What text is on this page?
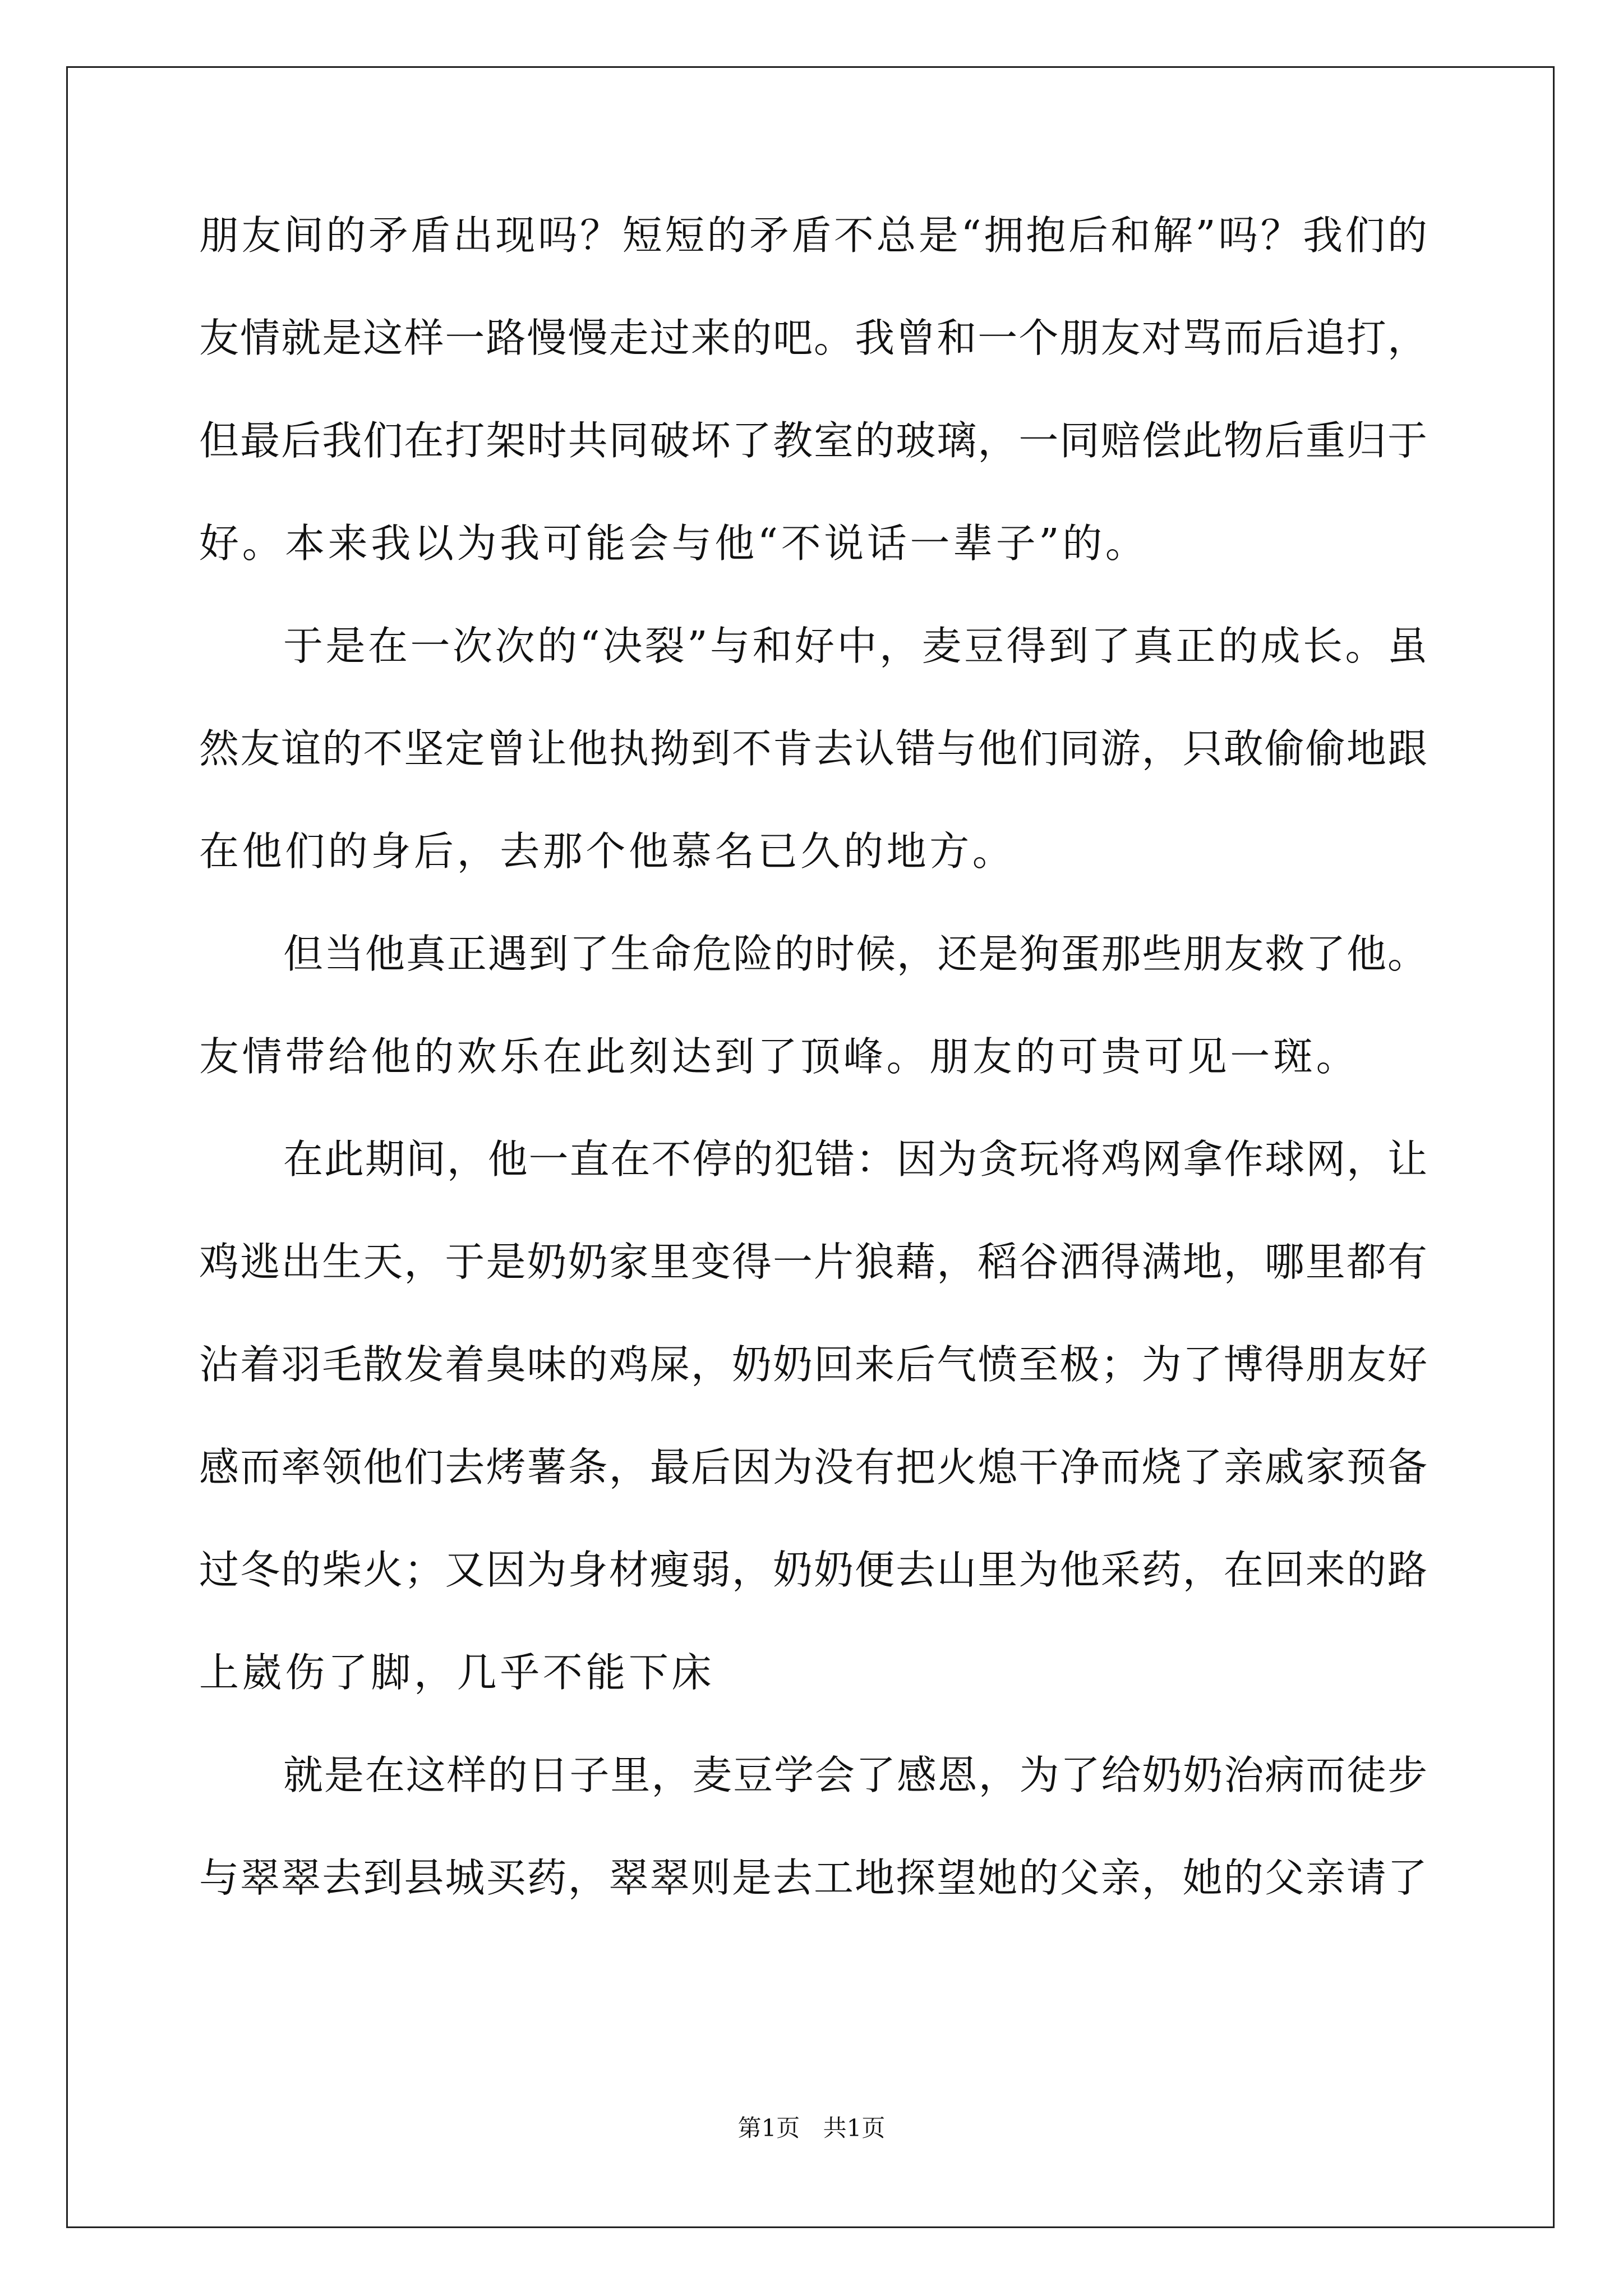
朋友间的矛盾出现吗？短短的矛盾不总是“拥抱后和解”吗？我们的
友情就是这样一路慢慢走过来的吧。我曾和一个朋友对骂而后追打，
但最后我们在打架时共同破坏了教室的玻璃，一同赔偿此物后重归于
好。本来我以为我可能会与他“不说话一辈子”的。
于是在一次次的“决裂”与和好中，麦豆得到了真正的成长。虽
然友谊的不坚定曾让他执拗到不肯去认错与他们同游，只敢偷偷地跟
在他们的身后，去那个他慕名已久的地方。
但当他真正遇到了生命危险的时候，还是狗蛋那些朋友救了他。
友情带给他的欢乐在此刻达到了顶峰。朋友的可贵可见一斑。
在此期间，他一直在不停的犯错：因为贪玩将鸡网拿作球网，让
鸡逃出生天，于是奶奶家里变得一片狼藉，稻谷洒得满地，哪里都有
沾着羽毛散发着臭味的鸡屎，奶奶回来后气愤至极；为了博得朋友好
感而率领他们去烤薯条，最后因为没有把火熄干净而烧了亲戚家预备
过冬的柴火；又因为身材瘦弱，奶奶便去山里为他采药，在回来的路
上崴伤了脚，几乎不能下床
就是在这样的日子里，麦豆学会了感恩，为了给奶奶治病而徒步
与翠翠去到县城买药，翠翠则是去工地探望她的父亲，她的父亲请了
第1页 共1页
